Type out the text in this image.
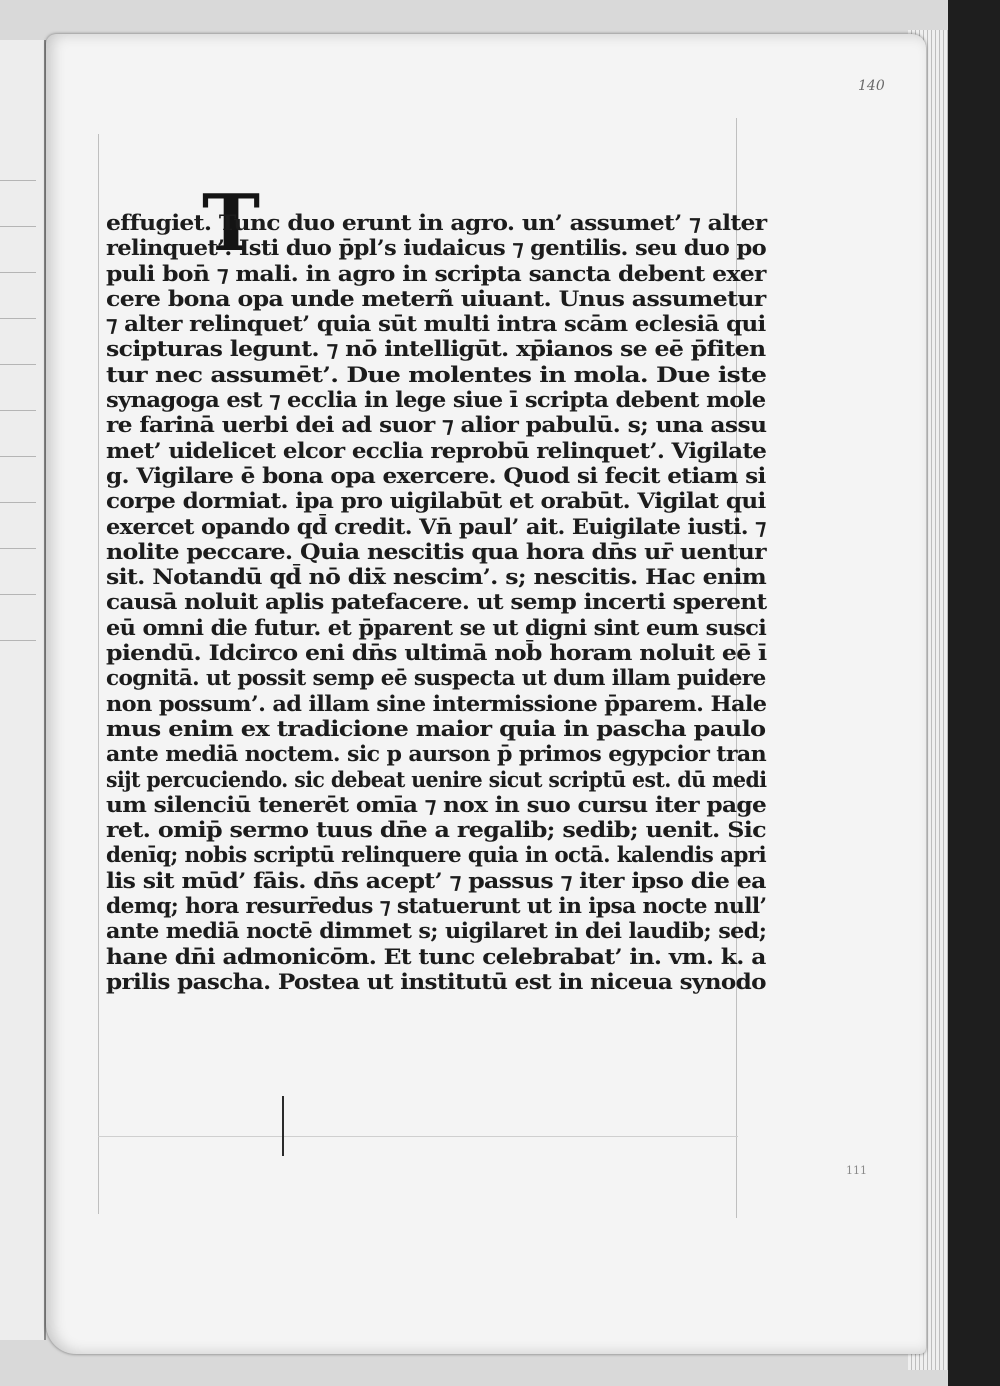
140
T
effugiet. Tunc duo erunt in agro. un’ assumet’ ⁊ alter
relinquet’. Isti duo p̄pl’s iudaicus ⁊ gentilis. seu duo po
puli bon̄ ⁊ mali. in agro in scripta sancta debent exer
cere bona opa unde meterñ uiuant. Unus assumetur
⁊ alter relinquet’ quia sūt multi intra scām eclesiā qui
scipturas legunt. ⁊ nō intelligūt. xp̄ianos se eē p̄fiten
tur nec assumēt’. Due molentes in mola. Due iste
synagoga est ⁊ ecclia in lege siue ī scripta debent mole
re farinā uerbi dei ad suor ⁊ alior pabulū. s; una assu
met’ uidelicet elcor ecclia reprobū relinquet’. Vigilate
g. Vigilare ē bona opa exercere. Quod si fecit etiam si
corpe dormiat. ipa pro uigilabūt et orabūt. Vigilat qui
exercet opando qd̄ credit. Vn̄ paul’ ait. Euigilate iusti. ⁊
nolite peccare. Quia nescitis qua hora dn̄s ur̄ uentur
sit. Notandū qd̄ nō dix̄ nescim’. s; nescitis. Hac enim
causā noluit aplis patefacere. ut semp incerti sperent
eū omni die futur. et p̄parent se ut digni sint eum susci
piendū. Idcirco eni dn̄s ultimā nob̄ horam noluit eē ī
cognitā. ut possit semp eē suspecta ut dum illam puidere
non possum’. ad illam sine intermissione p̄parem. Hale
mus enim ex tradicione maior quia in pascha paulo
ante mediā noctem. sic p aurson p̄ primos egypcior tran
sijt percuciendo. sic debeat uenire sicut scriptū est. dū medi
um silenciū tenerēt omīa ⁊ nox in suo cursu iter page
ret. omip̄ sermo tuus dn̄e a regalib; sedib; uenit. Sic
denīq; nobis scriptū relinquere quia in octā. kalendis apri
lis sit mūd’ fāis. dn̄s acept’ ⁊ passus ⁊ iter ipso die ea
demq; hora resurr̄edus ⁊ statuerunt ut in ipsa nocte null’
ante mediā noctē dimmet s; uigilaret in dei laudib; sed;
hane dn̄i admonicōm. Et tunc celebrabat’ in. vm. k. a
prilis pascha. Postea ut institutū est in niceua synodo
111
